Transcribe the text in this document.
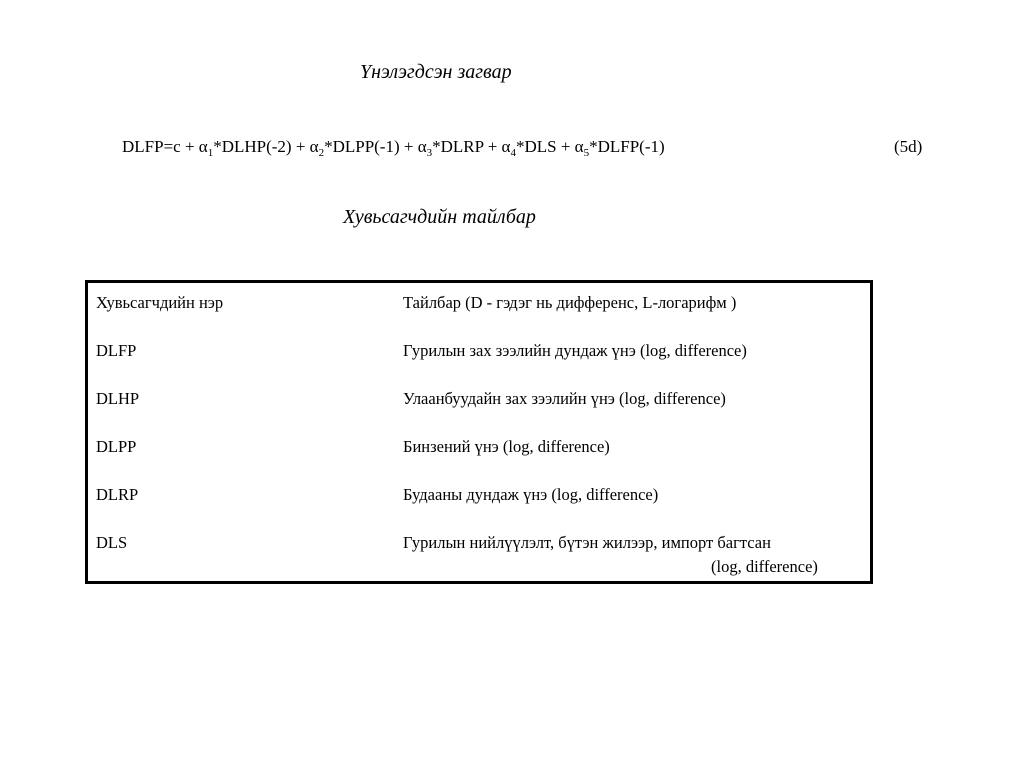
Үнэлэгдсэн загвар
DLFP=c + $\alpha_1*DLHP(-2)$ + $\alpha_2*DLPP(-1)$ + $\alpha_3*DLRP + \alpha_4*DLS$ + $\alpha_5*DLFP(-1)$	(5d)
Хувьсагчдийн тайлбар
Хувьсагчдийн нэр	Тайлбар (D - гэдэг нь дифференс, L-логарифм )
DLFP	Гурилын зах зээлийн дундаж үнэ (log, difference)
DLHP	Улаанбуудайн зах зээлийн үнэ (log, difference)
DLPP	Бинзений үнэ (log, difference)
DLRP	Будааны дундаж үнэ (log, difference)
DLS	Гурилын нийлүүлэлт, бүтэн жилээр, импорт багтсан
(log, difference)
